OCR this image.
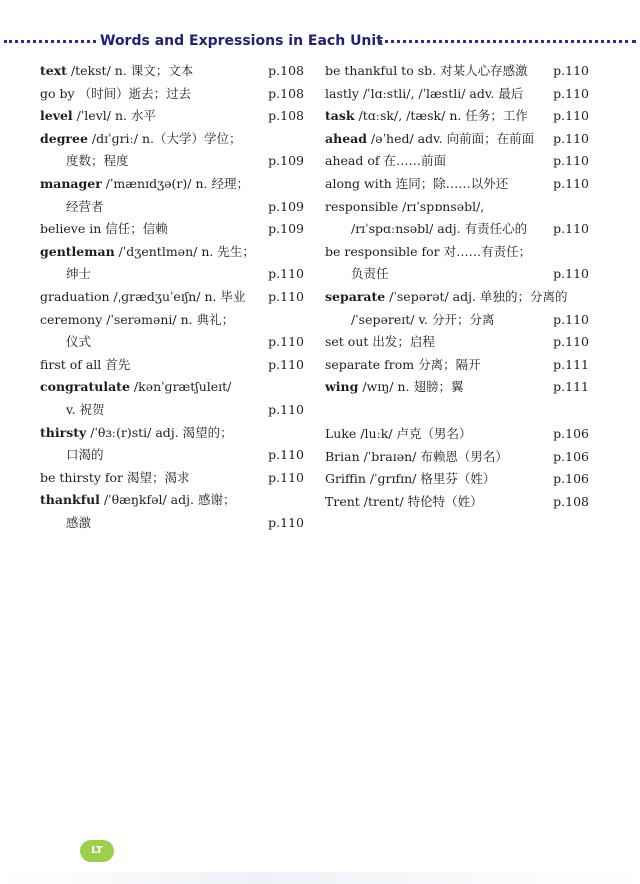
Words and Expressions in Each Unit
text /tekst/ n. 课文；文本	p.108
go by （时间）逝去；过去	p.108
level /ˈlevl/ n. 水平	p.108
degree /dɪˈɡriː/ n.（大学）学位；
度数；程度	p.109
manager /ˈmænɪdʒə(r)/ n. 经理；
经营者	p.109
believe in 信任；信赖	p.109
gentleman /ˈdʒentlmən/ n. 先生；
绅士	p.110
graduation /ˌɡrædʒuˈeɪʃn/ n. 毕业	p.110
ceremony /ˈserəməni/ n. 典礼；
仪式	p.110
first of all 首先	p.110
congratulate /kənˈɡrætʃuleɪt/
v. 祝贺	p.110
thirsty /ˈθɜː(r)sti/ adj. 渴望的；
口渴的	p.110
be thirsty for 渴望；渴求	p.110
thankful /ˈθæŋkfəl/ adj. 感谢；
感激	p.110
be thankful to sb. 对某人心存感激	p.110
lastly /ˈlɑːstli/, /ˈlæstli/ adv. 最后	p.110
task /tɑːsk/, /tæsk/ n. 任务；工作	p.110
ahead /əˈhed/ adv. 向前面；在前面	p.110
ahead of 在……前面	p.110
along with 连同；除……以外还	p.110
responsible /rɪˈspɒnsəbl/,
/rɪˈspɑːnsəbl/ adj. 有责任心的	p.110
be responsible for 对……有责任；
负责任	p.110
separate /ˈsepərət/ adj. 单独的；分离的
/ˈsepəreɪt/ v. 分开；分离	p.110
set out 出发；启程	p.110
separate from 分离；隔开	p.111
wing /wɪŋ/ n. 翅膀；翼	p.111
Luke /luːk/ 卢克（男名）	p.106
Brian /ˈbraɪən/ 布赖恩（男名）	p.106
Griffin /ˈɡrɪfɪn/ 格里芬（姓）	p.106
Trent /trent/ 特伦特（姓）	p.108
LT
